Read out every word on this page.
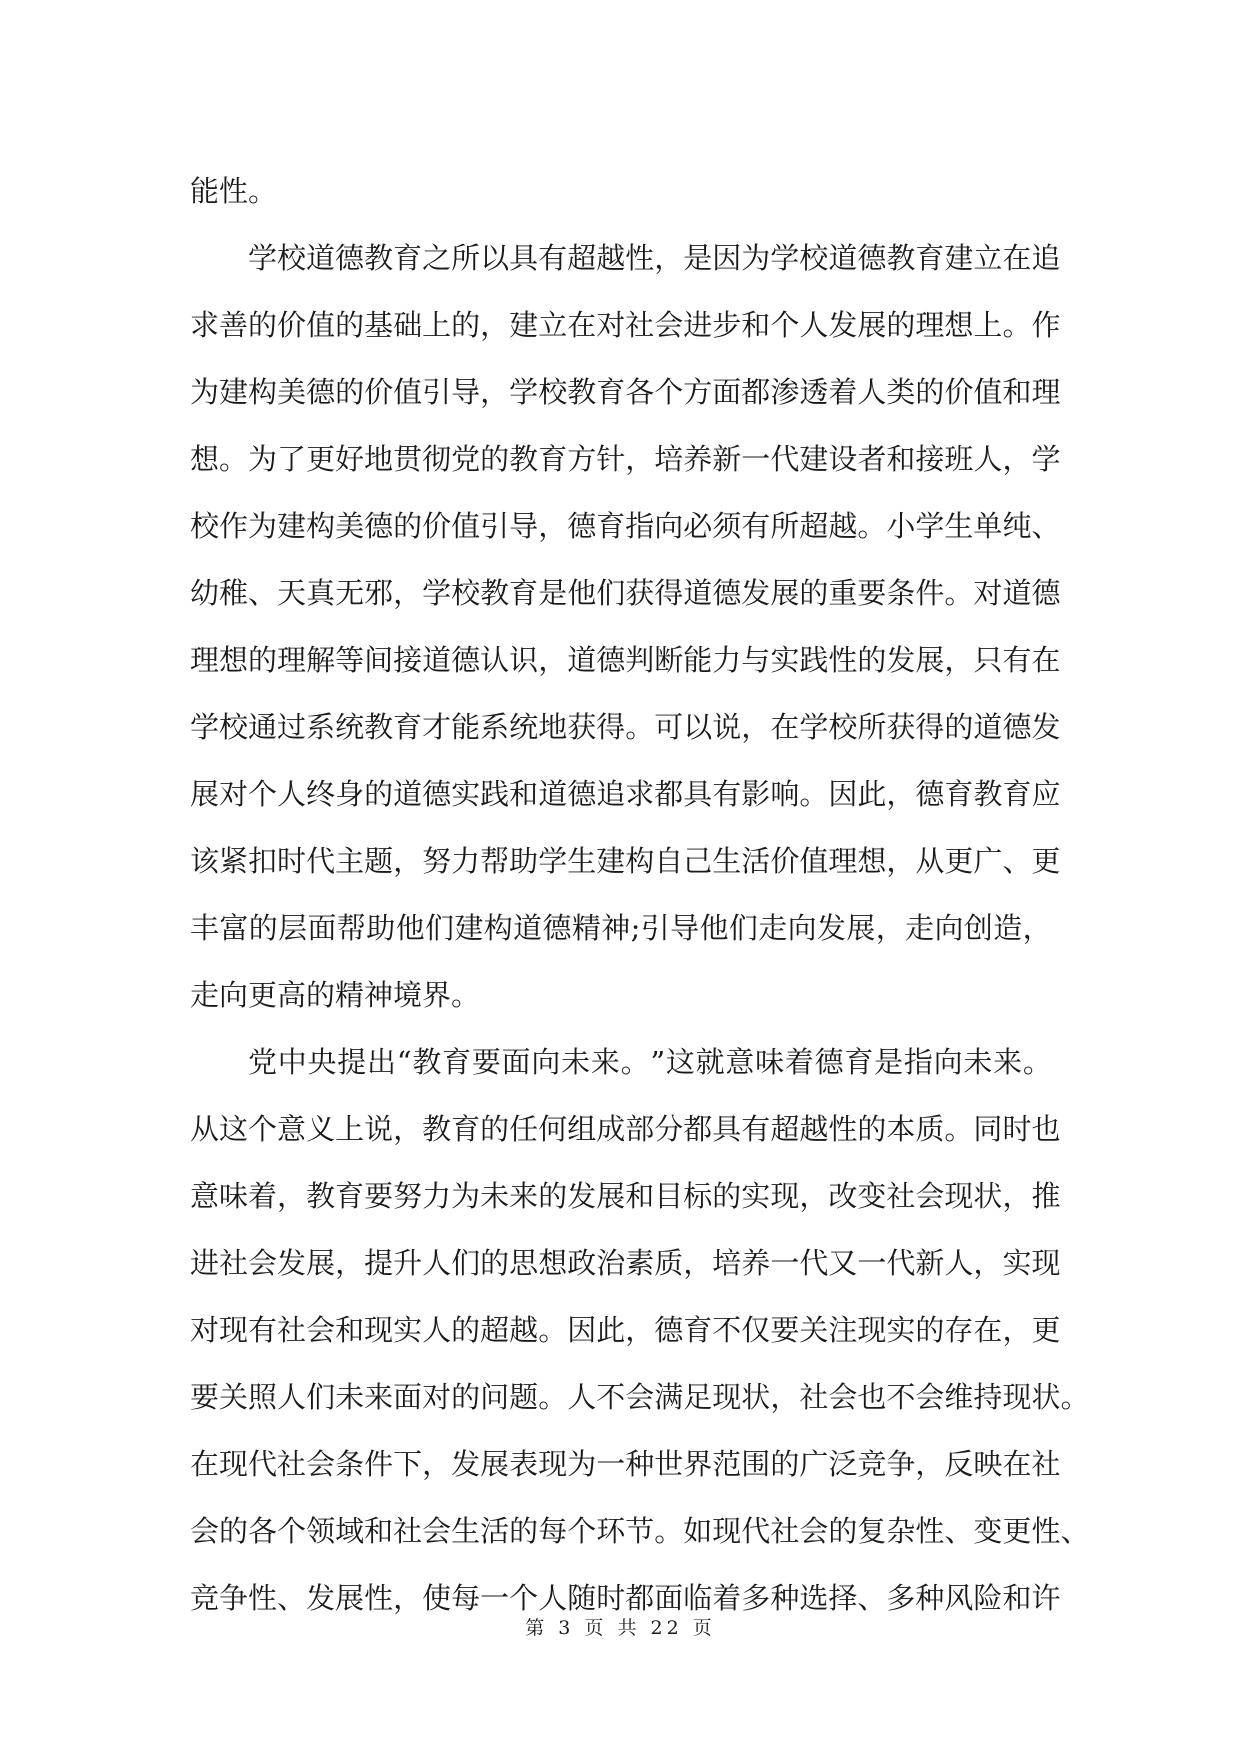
能性。
学 校 道 德 教 育 之 所 以 具 有 超 越 性 ， 是 因 为 学 校 道 德 教 育 建 立 在 追
求 善 的 价 值 的 基 础 上 的 ， 建 立 在 对 社 会 进 步 和 个 人 发 展 的 理 想 上 。 作
为 建 构 美 德 的 价 值 引 导 ， 学 校 教 育 各 个 方 面 都 渗 透 着 人 类 的 价 值 和 理
想 。 为 了 更 好 地 贯 彻 党 的 教 育 方 针 ， 培 养 新 一 代 建 设 者 和 接 班 人 ， 学
校 作 为 建 构 美 德 的 价 值 引 导 ， 德 育 指 向 必 须 有 所 超 越 。 小 学 生 单 纯 、
幼 稚 、 天 真 无 邪 ， 学 校 教 育 是 他 们 获 得 道 德 发 展 的 重 要 条 件 。 对 道 德
理 想 的 理 解 等 间 接 道 德 认 识 ， 道 德 判 断 能 力 与 实 践 性 的 发 展 ， 只 有 在
学 校 通 过 系 统 教 育 才 能 系 统 地 获 得 。 可 以 说 ， 在 学 校 所 获 得 的 道 德 发
展 对 个 人 终 身 的 道 德 实 践 和 道 德 追 求 都 具 有 影 响 。 因 此 ， 德 育 教 育 应
该 紧 扣 时 代 主 题 ， 努 力 帮 助 学 生 建 构 自 己 生 活 价 值 理 想 ， 从 更 广 、 更
丰 富 的 层 面 帮 助 他 们 建 构 道 德 精 神 ; 引 导 他 们 走 向 发 展 ， 走 向 创 造 ，
走向更高的精神境界。
党 中 央 提 出 “ 教 育 要 面 向 未 来 。 ” 这 就 意 味 着 德 育 是 指 向 未 来 。
从 这 个 意 义 上 说 ， 教 育 的 任 何 组 成 部 分 都 具 有 超 越 性 的 本 质 。 同 时 也
意 味 着 ， 教 育 要 努 力 为 未 来 的 发 展 和 目 标 的 实 现 ， 改 变 社 会 现 状 ， 推
进 社 会 发 展 ， 提 升 人 们 的 思 想 政 治 素 质 ， 培 养 一 代 又 一 代 新 人 ， 实 现
对 现 有 社 会 和 现 实 人 的 超 越 。 因 此 ， 德 育 不 仅 要 关 注 现 实 的 存 在 ， 更
要 关 照 人 们 未 来 面 对 的 问 题 。 人 不 会 满 足 现 状 ， 社 会 也 不 会 维 持 现 状 。
在 现 代 社 会 条 件 下 ， 发 展 表 现 为 一 种 世 界 范 围 的 广 泛 竞 争 ， 反 映 在 社
会 的 各 个 领 域 和 社 会 生 活 的 每 个 环 节 。 如 现 代 社 会 的 复 杂 性 、 变 更 性 、
竞 争 性 、 发 展 性 ， 使 每 一 个 人 随 时 都 面 临 着 多 种 选 择 、 多 种 风 险 和 许
第 3 页 共 22 页
